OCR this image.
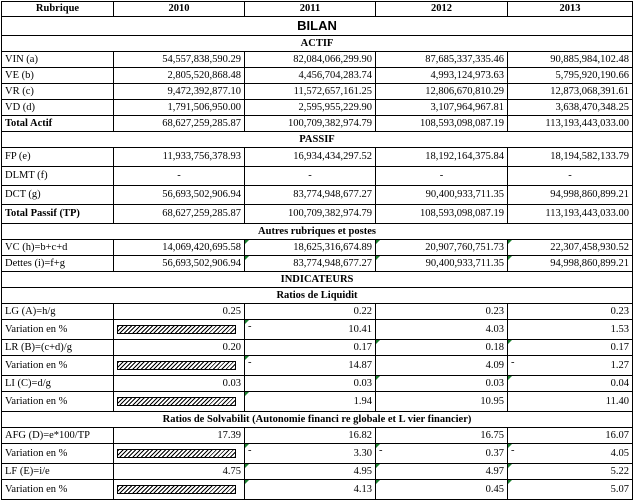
Rubrique	2010	2011	2012	2013
BILAN				
ACTIF				
VIN (a)	54,557,838,590.29	82,084,066,299.90	87,685,337,335.46	90,885,984,102.48
VE (b)	2,805,520,868.48	4,456,704,283.74	4,993,124,973.63	5,795,920,190.66
VR (c)	9,472,392,877.10	11,572,657,161.25	12,806,670,810.29	12,873,068,391.61
VD (d)	1,791,506,950.00	2,595,955,229.90	3,107,964,967.81	3,638,470,348.25
Total Actif	68,627,259,285.87	100,709,382,974.79	108,593,098,087.19	113,193,443,033.00
PASSIF				
FP (e)	11,933,756,378.93	16,934,434,297.52	18,192,164,375.84	18,194,582,133.79
DLMT (f)	-	-	-	-
DCT (g)	56,693,502,906.94	83,774,948,677.27	90,400,933,711.35	94,998,860,899.21
Total Passif (TP)	68,627,259,285.87	100,709,382,974.79	108,593,098,087.19	113,193,443,033.00
Autres rubriques et postes				
VC (h)=b+c+d	14,069,420,695.58	18,625,316,674.89	20,907,760,751.73	22,307,458,930.52

Dettes (i)=f+g	56,693,502,906.94	83,774,948,677.27	90,400,933,711.35	94,998,860,899.21

INDICATEURS				
Ratios de Liquidit				
LG (A)=h/g	0.25	0.22	0.23	0.23
Variation en %		- 10.41	4.03	1.53
LR (B)=(c+d)/g	0.20	0.17	0.18	0.17

Variation en %		- 14.87	4.09	- 1.27
LI (C)=d/g	0.03	0.03	0.03	0.04

Variation en %		1.94	10.95	11.40
Ratios de Solvabilit (Autonomie financi re globale et L vier financier)				
AFG (D)=e*100/TP	17.39	16.82	16.75	16.07
Variation en %		- 3.30	- 0.37	- 4.05

LF (E)=i/e	4.75	4.95	4.97	5.22

Variation en %		4.13	0.45	5.07
